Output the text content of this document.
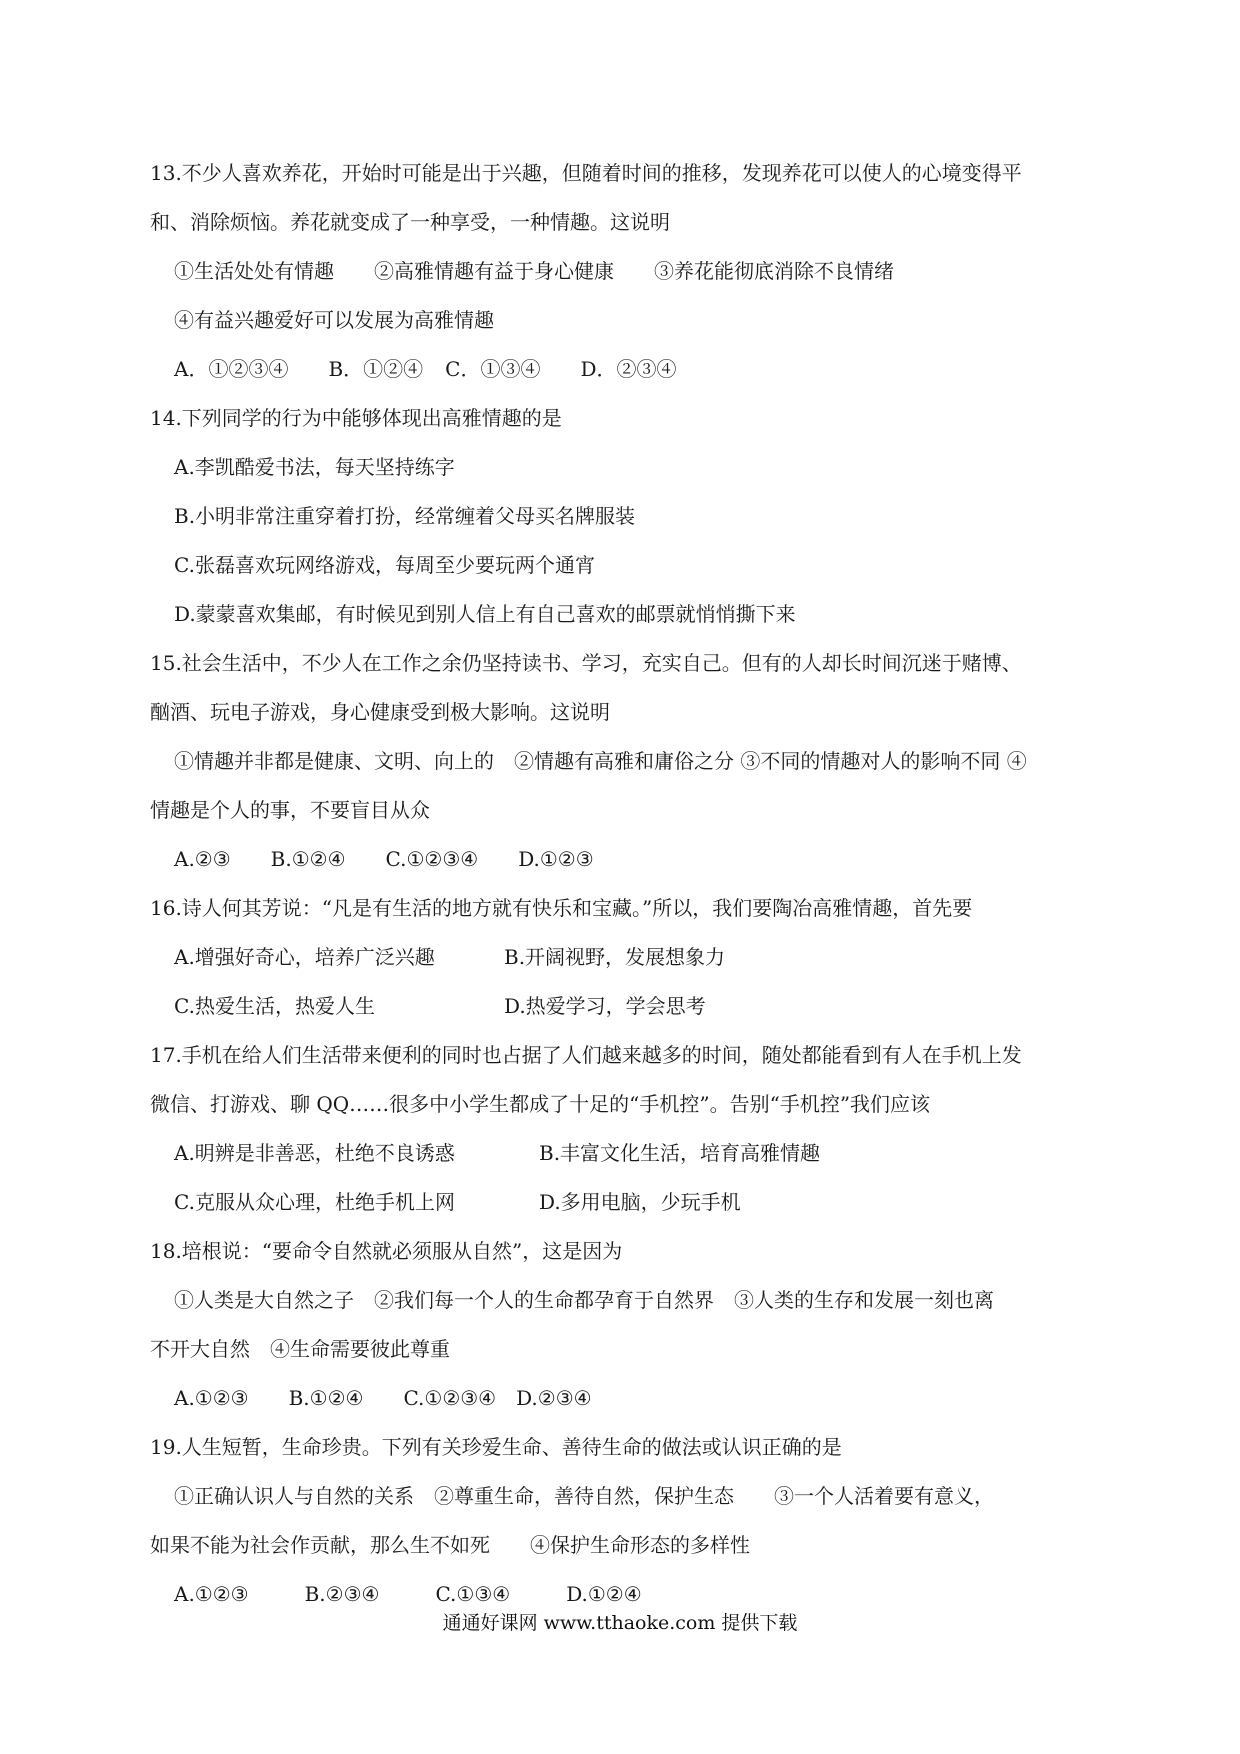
13.不少人喜欢养花，开始时可能是出于兴趣，但随着时间的推移，发现养花可以使人的心境变得平
和、消除烦恼。养花就变成了一种享受，一种情趣。这说明
①生活处处有情趣 ②高雅情趣有益于身心健康 ③养花能彻底消除不良情绪
④有益兴趣爱好可以发展为高雅情趣
A．①②③④ B．①②④ C．①③④ D．②③④
14.下列同学的行为中能够体现出高雅情趣的是
A.李凯酷爱书法，每天坚持练字
B.小明非常注重穿着打扮，经常缠着父母买名牌服装
C.张磊喜欢玩网络游戏，每周至少要玩两个通宵
D.蒙蒙喜欢集邮，有时候见到别人信上有自己喜欢的邮票就悄悄撕下来
15.社会生活中，不少人在工作之余仍坚持读书、学习，充实自己。但有的人却长时间沉迷于赌博、
酗酒、玩电子游戏，身心健康受到极大影响。这说明
①情趣并非都是健康、文明、向上的　②情趣有高雅和庸俗之分 ③不同的情趣对人的影响不同 ④
情趣是个人的事，不要盲目从众
A.②③ B.①②④ C.①②③④ D.①②③
16.诗人何其芳说：“凡是有生活的地方就有快乐和宝藏。”所以，我们要陶冶高雅情趣，首先要
A.增强好奇心，培养广泛兴趣	B.开阔视野，发展想象力
C.热爱生活，热爱人生	D.热爱学习，学会思考
17.手机在给人们生活带来便利的同时也占据了人们越来越多的时间，随处都能看到有人在手机上发
微信、打游戏、聊 QQ……很多中小学生都成了十足的“手机控”。告别“手机控”我们应该
A.明辨是非善恶，杜绝不良诱惑	B.丰富文化生活，培育高雅情趣
C.克服从众心理，杜绝手机上网	D.多用电脑，少玩手机
18.培根说：“要命令自然就必须服从自然”，这是因为
①人类是大自然之子　②我们每一个人的生命都孕育于自然界　③人类的生存和发展一刻也离
不开大自然　④生命需要彼此尊重
A.①②③ B.①②④ C.①②③④ D.②③④
19.人生短暂，生命珍贵。下列有关珍爱生命、善待生命的做法或认识正确的是
①正确认识人与自然的关系　②尊重生命，善待自然，保护生态　　③一个人活着要有意义，
如果不能为社会作贡献，那么生不如死　　④保护生命形态的多样性
A.①②③	B.②③④	C.①③④	D.①②④
通通好课网 www.tthaoke.com 提供下载
